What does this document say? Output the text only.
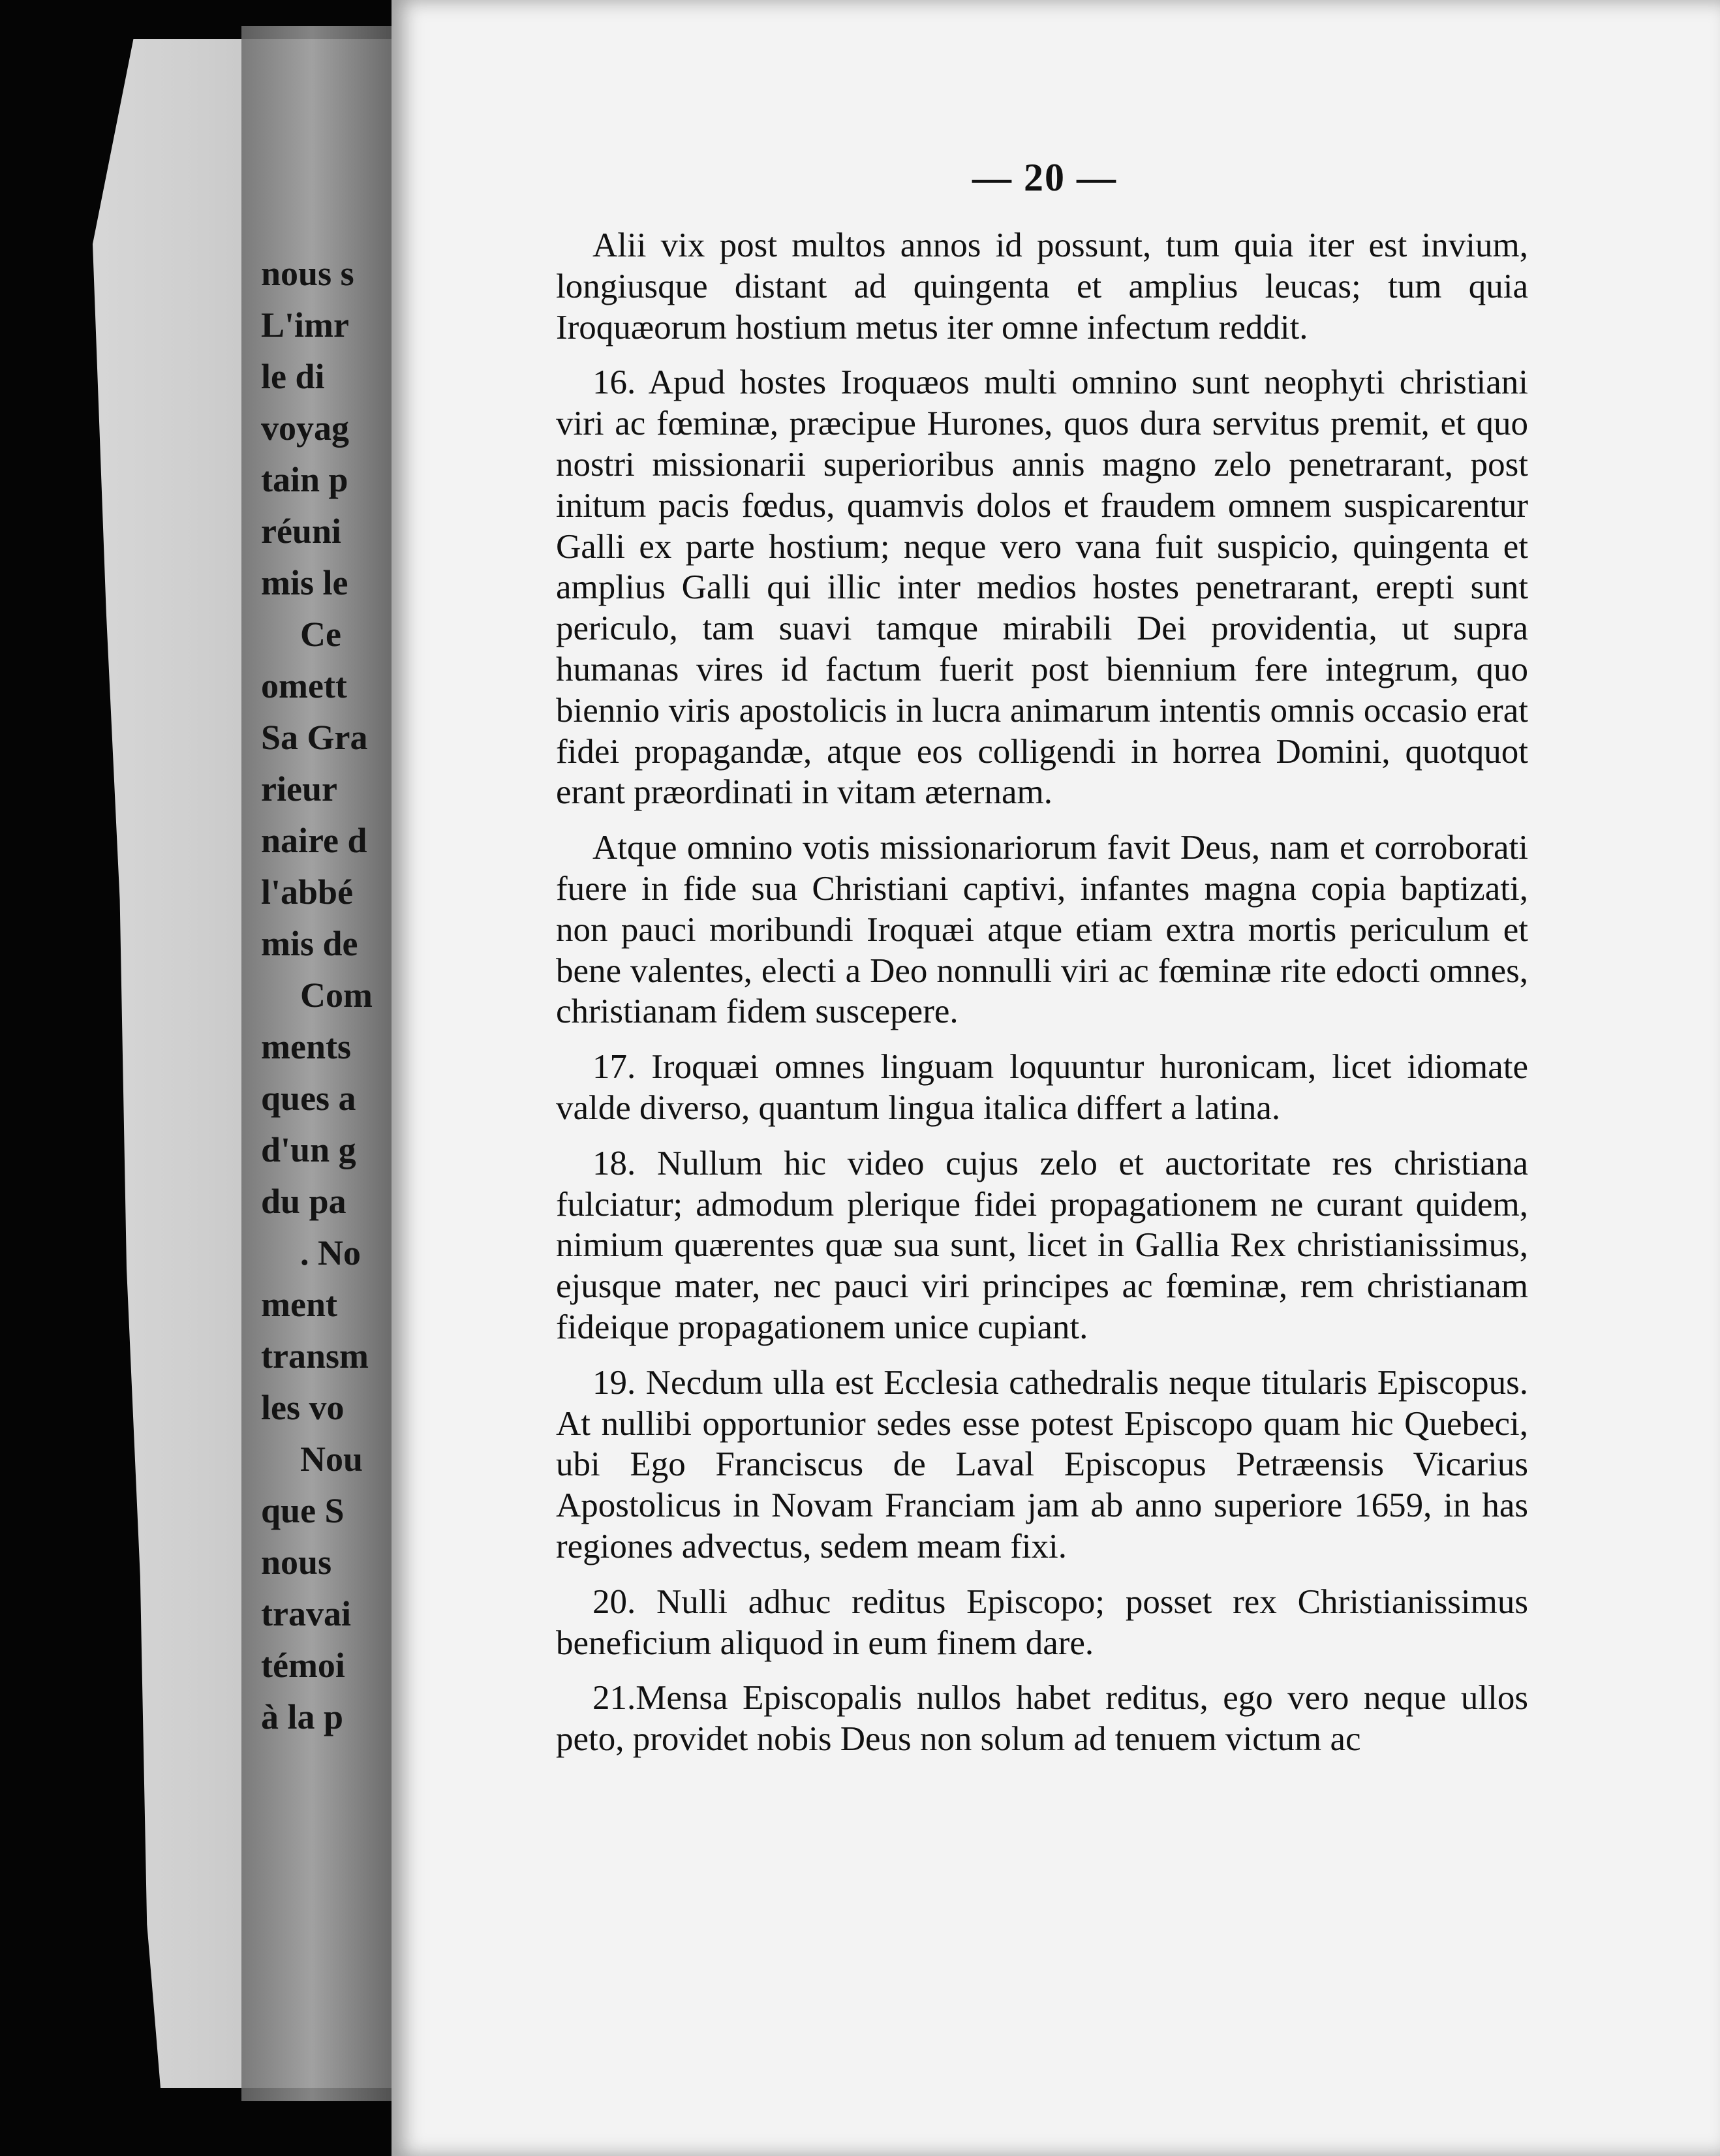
nous s
L'imr
le di
voyag
tain p
réuni
mis le
Ce
omett
Sa Gra
rieur
naire d
l'abbé
mis de
Com
ments
ques a
d'un g
du pa
. No
ment
transm
les vo
Nou
que S
nous
travai
témoi
à la p
— 20 —

Alii vix post multos annos id possunt, tum quia iter est invium, longiusque distant ad quingenta et amplius leucas; tum quia Iroquæorum hostium metus iter omne infectum reddit.

16. Apud hostes Iroquæos multi omnino sunt neophyti christiani viri ac fœminæ, præcipue Hurones, quos dura servitus premit, et quo nostri missionarii superioribus annis magno zelo penetrarant, post initum pacis fœdus, quamvis dolos et fraudem omnem suspicarentur Galli ex parte hostium; neque vero vana fuit suspicio, quingenta et amplius Galli qui illic inter medios hostes penetrarant, erepti sunt periculo, tam suavi tamque mirabili Dei providentia, ut supra humanas vires id factum fuerit post biennium fere integrum, quo biennio viris apostolicis in lucra animarum intentis omnis occasio erat fidei propagandæ, atque eos colligendi in horrea Domini, quotquot erant præordinati in vitam æternam.

Atque omnino votis missionariorum favit Deus, nam et corroborati fuere in fide sua Christiani captivi, infantes magna copia baptizati, non pauci moribundi Iroquæi atque etiam extra mortis periculum et bene valentes, electi a Deo nonnulli viri ac fœminæ rite edocti omnes, christianam fidem suscepere.

17. Iroquæi omnes linguam loquuntur huronicam, licet idiomate valde diverso, quantum lingua italica differt a latina.

18. Nullum hic video cujus zelo et auctoritate res christiana fulciatur; admodum plerique fidei propagationem ne curant quidem, nimium quærentes quæ sua sunt, licet in Gallia Rex christianissimus, ejusque mater, nec pauci viri principes ac fœminæ, rem christianam fideique propagationem unice cupiant.

19. Necdum ulla est Ecclesia cathedralis neque titularis Episcopus. At nullibi opportunior sedes esse potest Episcopo quam hic Quebeci, ubi Ego Franciscus de Laval Episcopus Petræensis Vicarius Apostolicus in Novam Franciam jam ab anno superiore 1659, in has regiones advectus, sedem meam fixi.

20. Nulli adhuc reditus Episcopo; posset rex Christianissimus beneficium aliquod in eum finem dare.

21.Mensa Episcopalis nullos habet reditus, ego vero neque ullos peto, providet nobis Deus non solum ad tenuem victum ac
